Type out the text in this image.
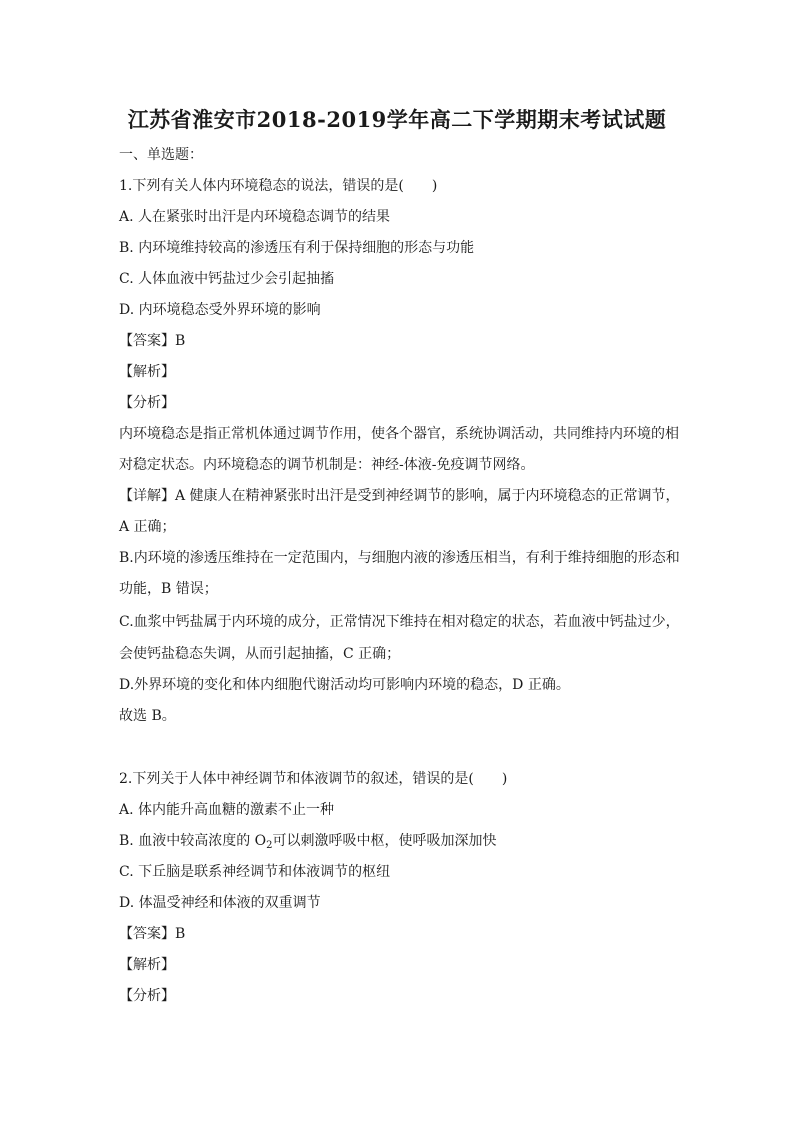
江苏省淮安市2018-2019学年高二下学期期末考试试题
一、单选题：
1.下列有关人体内环境稳态的说法，错误的是(　　)
A. 人在紧张时出汗是内环境稳态调节的结果
B. 内环境维持较高的渗透压有利于保持细胞的形态与功能
C. 人体血液中钙盐过少会引起抽搐
D. 内环境稳态受外界环境的影响
【答案】B
【解析】
【分析】
内环境稳态是指正常机体通过调节作用，使各个器官，系统协调活动，共同维持内环境的相
对稳定状态。内环境稳态的调节机制是：神经-体液-免疫调节网络。
【详解】A 健康人在精神紧张时出汗是受到神经调节的影响，属于内环境稳态的正常调节，
A 正确；
B.内环境的渗透压维持在一定范围内，与细胞内液的渗透压相当，有利于维持细胞的形态和
功能，B 错误；
C.血浆中钙盐属于内环境的成分，正常情况下维持在相对稳定的状态，若血液中钙盐过少，
会使钙盐稳态失调，从而引起抽搐，C 正确；
D.外界环境的变化和体内细胞代谢活动均可影响内环境的稳态，D 正确。
故选 B。
2.下列关于人体中神经调节和体液调节的叙述，错误的是(　　)
A. 体内能升高血糖的激素不止一种
B. 血液中较高浓度的 $O_2$可以刺激呼吸中枢，使呼吸加深加快
C. 下丘脑是联系神经调节和体液调节的枢纽
D. 体温受神经和体液的双重调节
【答案】B
【解析】
【分析】
